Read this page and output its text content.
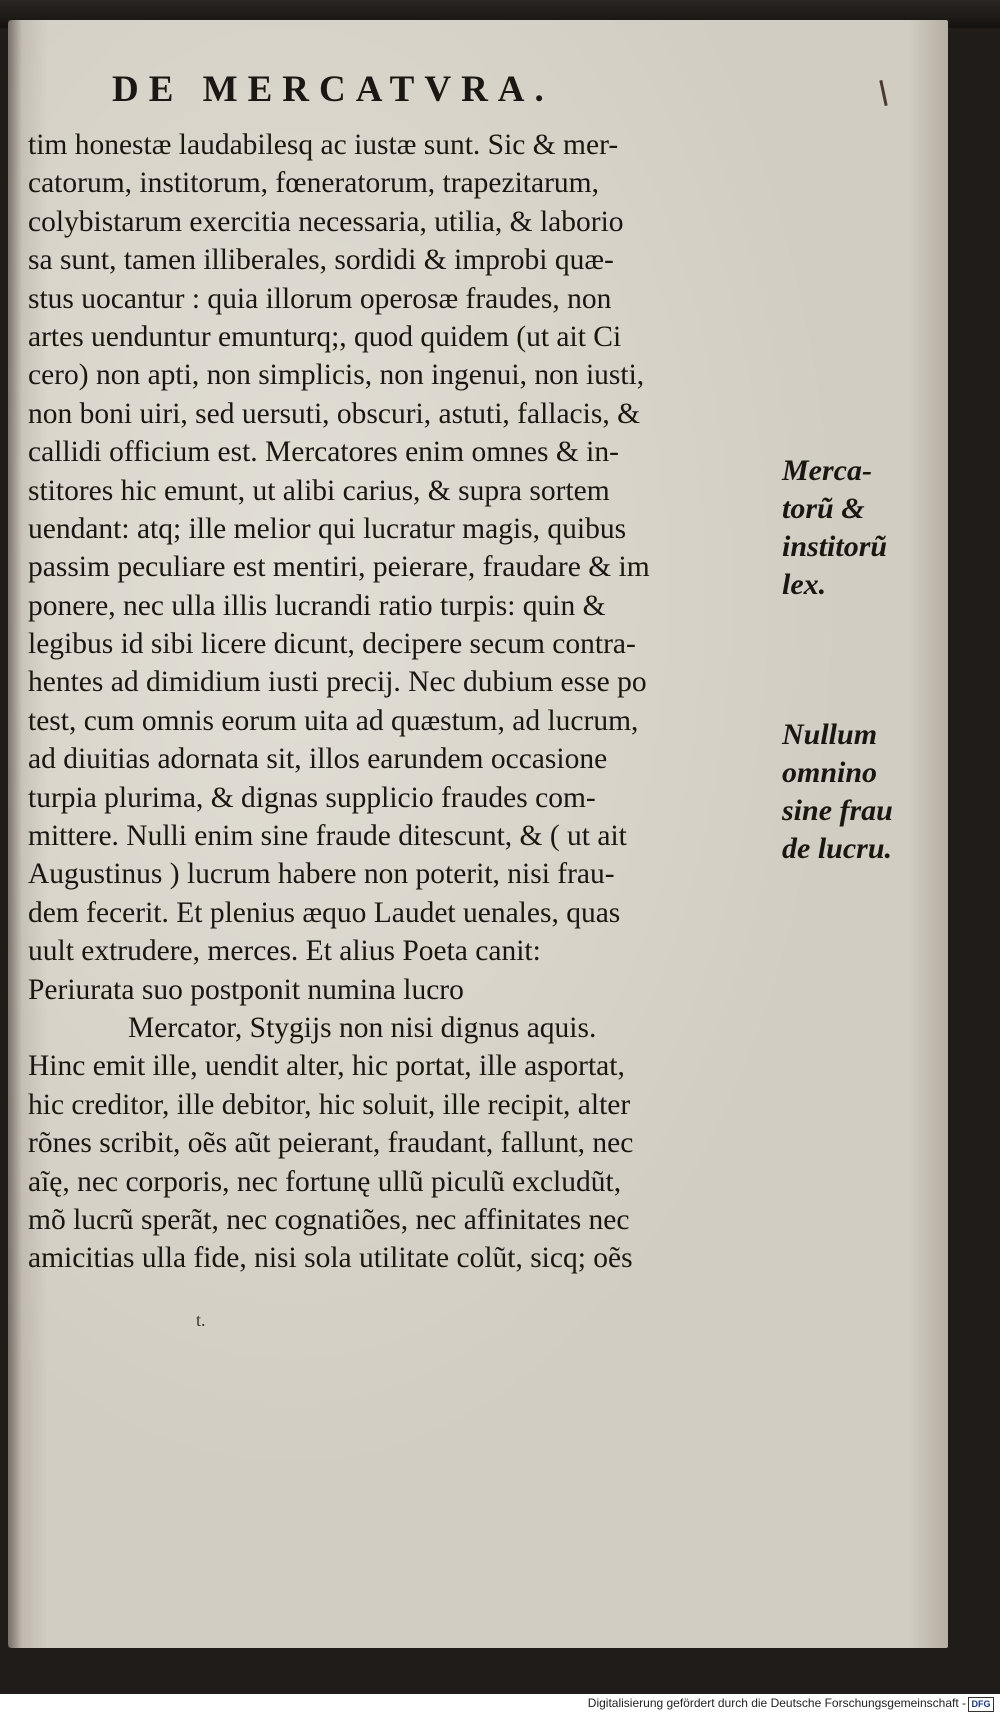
DE MERCATVRA.
tim honestæ laudabilesq ac iustæ sunt. Sic & mer-
catorum, institorum, fœneratorum, trapezitarum,
colybistarum exercitia necessaria, utilia, & laborio
sa sunt, tamen illiberales, sordidi & improbi quæ-
stus uocantur : quia illorum operosæ fraudes, non
artes uenduntur emunturq;, quod quidem (ut ait Ci
cero) non apti, non simplicis, non ingenui, non iusti,
non boni uiri, sed uersuti, obscuri, astuti, fallacis, &
callidi officium est. Mercatores enim omnes & in-
stitores hic emunt, ut alibi carius, & supra sortem
uendant: atq; ille melior qui lucratur magis, quibus
passim peculiare est mentiri, peierare, fraudare & im
ponere, nec ulla illis lucrandi ratio turpis: quin &
legibus id sibi licere dicunt, decipere secum contra-
hentes ad dimidium iusti precij. Nec dubium esse po
test, cum omnis eorum uita ad quæstum, ad lucrum,
ad diuitias adornata sit, illos earundem occasione
turpia plurima, & dignas supplicio fraudes com-
mittere. Nulli enim sine fraude ditescunt, & ( ut ait
Augustinus ) lucrum habere non poterit, nisi frau-
dem fecerit. Et plenius æquo Laudet uenales, quas
uult extrudere, merces. Et alius Poeta canit:
Periurata suo postponit numina lucro
Mercator, Stygijs non nisi dignus aquis.
Hinc emit ille, uendit alter, hic portat, ille asportat,
hic creditor, ille debitor, hic soluit, ille recipit, alter
rõnes scribit, oẽs aũt peierant, fraudant, fallunt, nec
aĩę, nec corporis, nec fortunę ullũ piculũ excludũt,
mõ lucrũ sperãt, nec cognatiões, nec affinitates nec
amicitias ulla fide, nisi sola utilitate colũt, sicq; oẽs
Merca-
torũ &
institorũ
lex.
Nullum
omnino
sine frau
de lucru.
t.
Digitalisierung gefördert durch die Deutsche Forschungsgemeinschaft - DFG
